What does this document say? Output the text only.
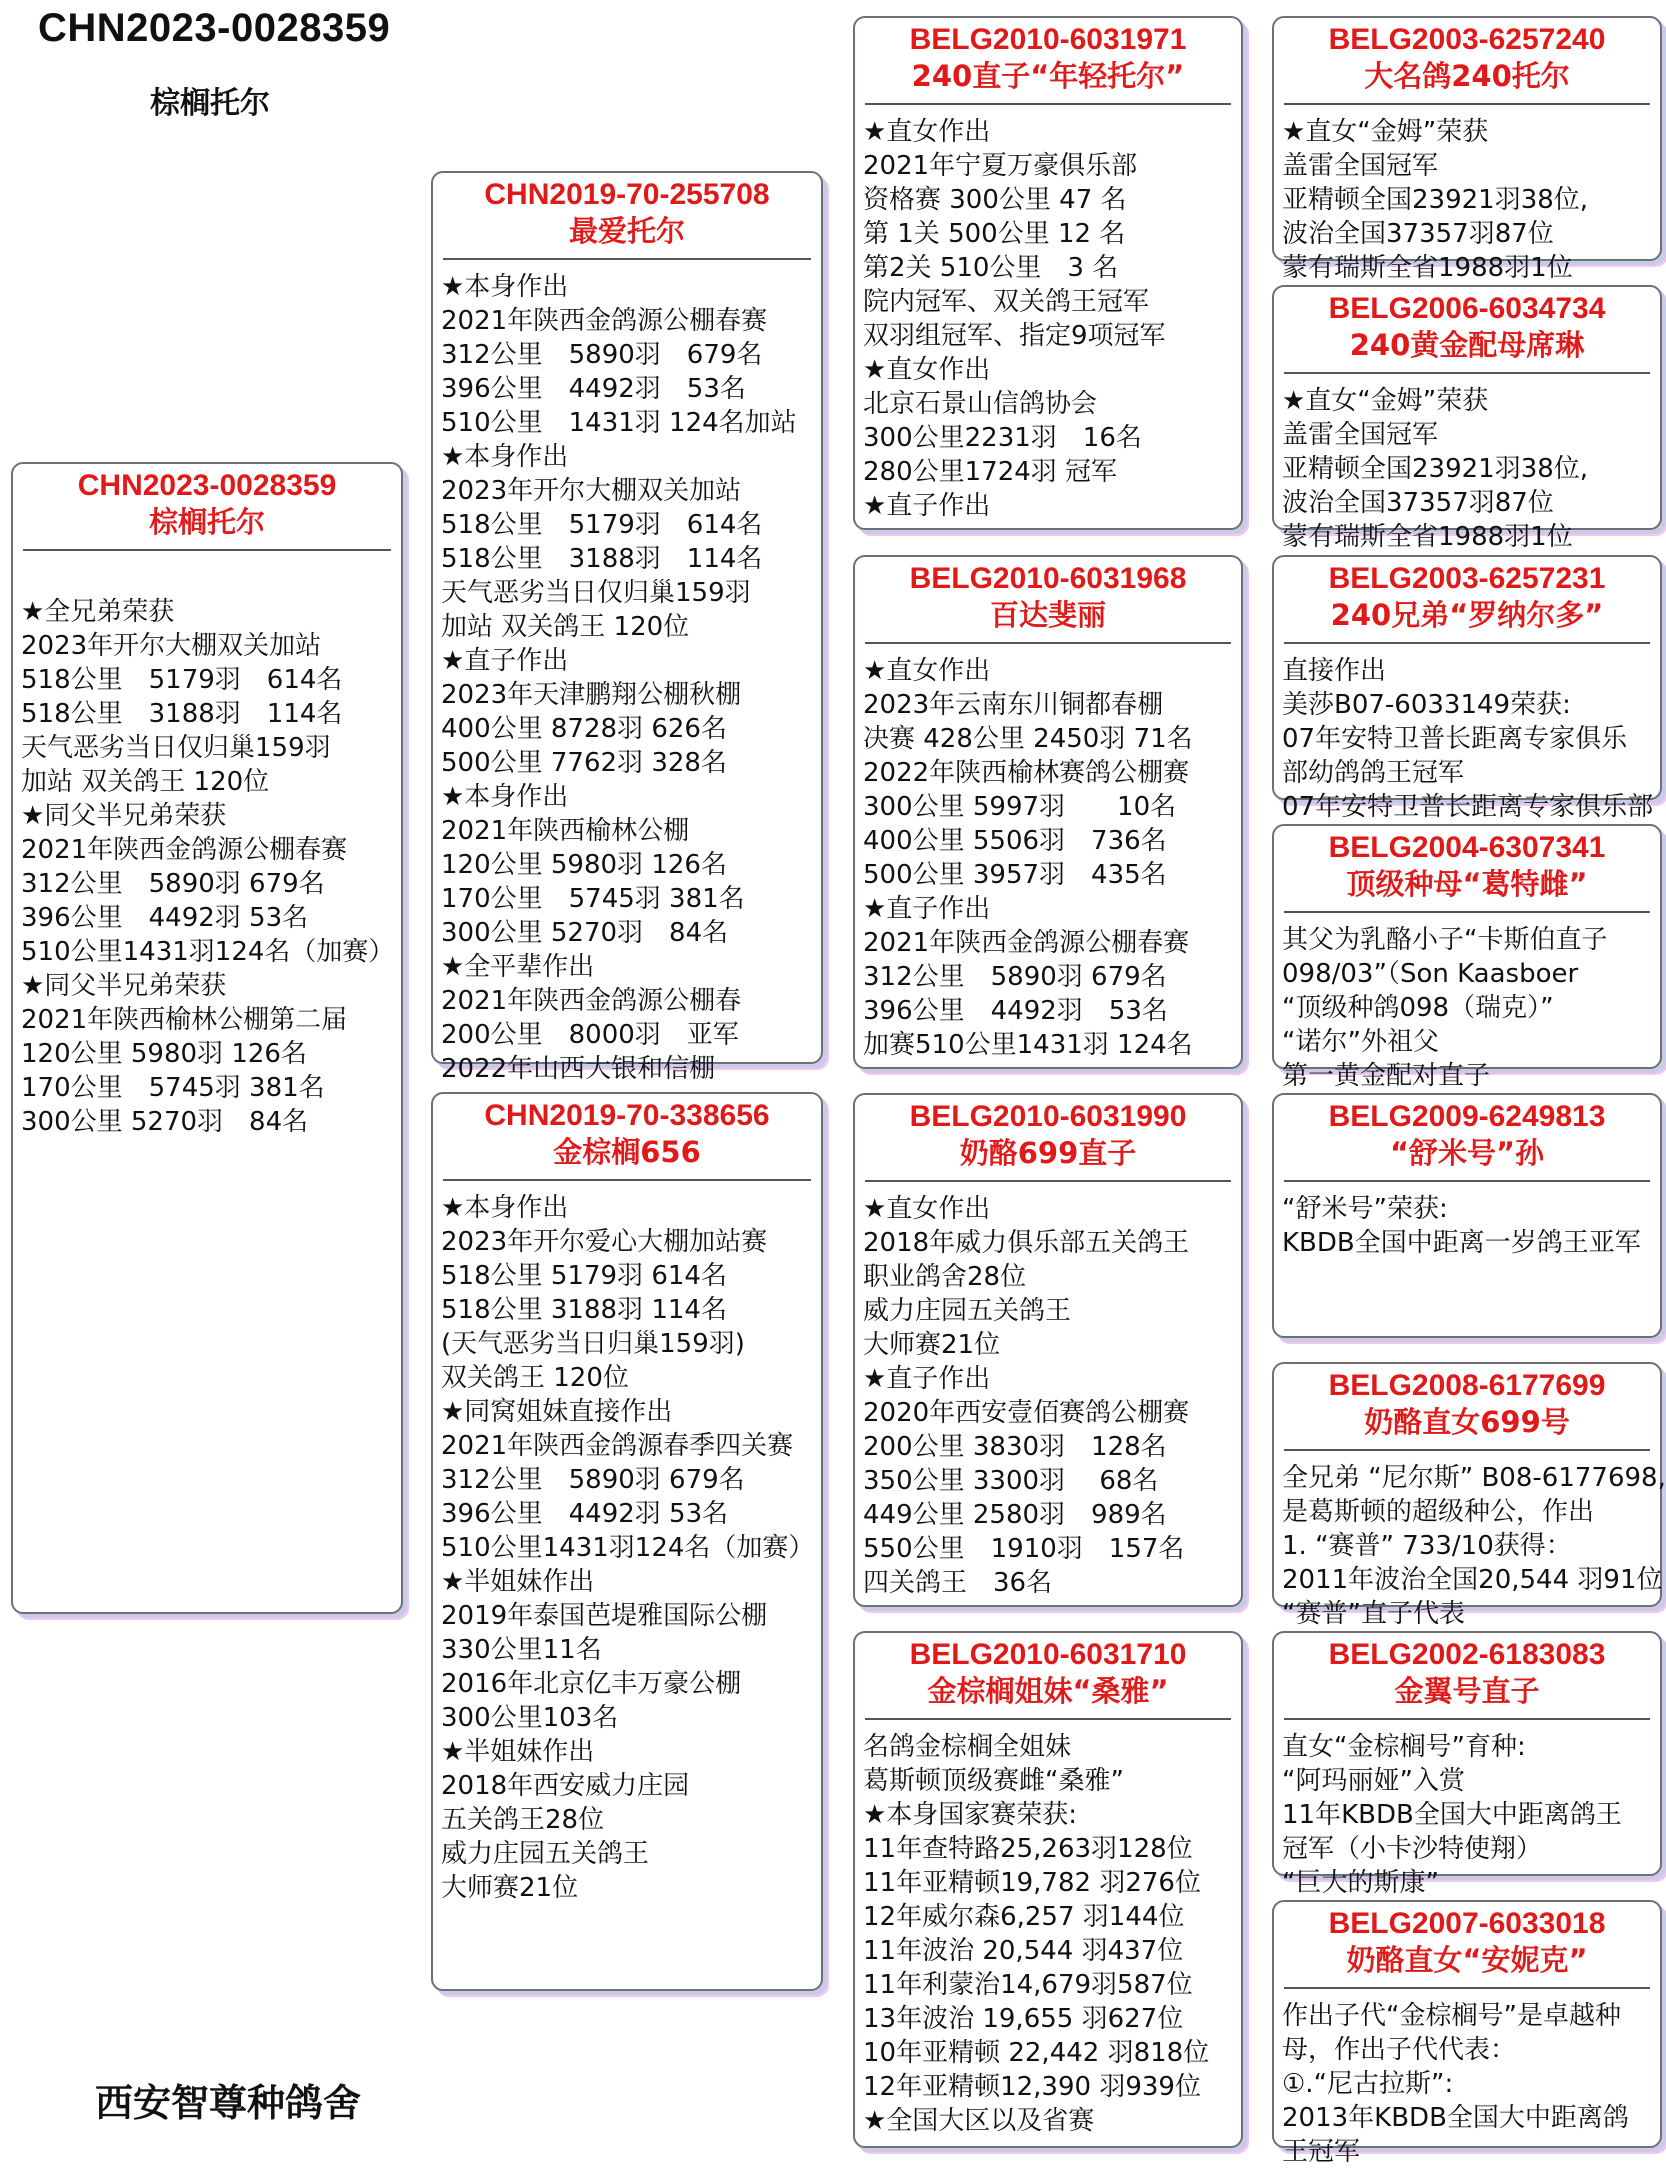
CHN2023-0028359
棕榈托尔
CHN2023-0028359
棕榈托尔
★全兄弟荣获
2023年开尔大棚双关加站
518公里　5179羽　614名
518公里　3188羽　114名
天气恶劣当日仅归巢159羽
加站 双关鸽王 120位
★同父半兄弟荣获
2021年陕西金鸽源公棚春赛
312公里　5890羽 679名
396公里　4492羽 53名
510公里1431羽124名（加赛）
★同父半兄弟荣获
2021年陕西榆林公棚第二届
120公里 5980羽 126名
170公里　5745羽 381名
300公里 5270羽　84名
CHN2019-70-255708
最爱托尔
★本身作出
2021年陕西金鸽源公棚春赛
312公里　5890羽　679名
396公里　4492羽　53名
510公里　1431羽 124名加站
★本身作出
2023年开尔大棚双关加站
518公里　5179羽　614名
518公里　3188羽　114名
天气恶劣当日仅归巢159羽
加站 双关鸽王 120位
★直子作出
2023年天津鹏翔公棚秋棚
400公里 8728羽 626名
500公里 7762羽 328名
★本身作出
2021年陕西榆林公棚
120公里 5980羽 126名
170公里　5745羽 381名
300公里 5270羽　84名
★全平辈作出
2021年陕西金鸽源公棚春
200公里　8000羽　亚军
2022年山西大银和信棚
CHN2019-70-338656
金棕榈656
★本身作出
2023年开尔爱心大棚加站赛
518公里 5179羽 614名
518公里 3188羽 114名
(天气恶劣当日归巢159羽)
双关鸽王 120位
★同窝姐妹直接作出
2021年陕西金鸽源春季四关赛
312公里　5890羽 679名
396公里　4492羽 53名
510公里1431羽124名（加赛）
★半姐妹作出
2019年泰国芭堤雅国际公棚
330公里11名
2016年北京亿丰万豪公棚
300公里103名
★半姐妹作出
2018年西安威力庄园
五关鸽王28位
威力庄园五关鸽王
大师赛21位
BELG2010-6031971
240直子“年轻托尔”
★直女作出
2021年宁夏万豪俱乐部
资格赛 300公里 47 名
第 1关 500公里 12 名
第2关 510公里　3 名
院内冠军、双关鸽王冠军
双羽组冠军、指定9项冠军
★直女作出
北京石景山信鸽协会
300公里2231羽　16名
280公里1724羽 冠军
★直子作出
BELG2010-6031968
百达斐丽
★直女作出
2023年云南东川铜都春棚
决赛 428公里 2450羽 71名
2022年陕西榆林赛鸽公棚赛
300公里 5997羽　　10名
400公里 5506羽　736名
500公里 3957羽　435名
★直子作出
2021年陕西金鸽源公棚春赛
312公里　5890羽 679名
396公里　4492羽　53名
加赛510公里1431羽 124名
BELG2010-6031990
奶酪699直子
★直女作出
2018年威力俱乐部五关鸽王
职业鸽舍28位
威力庄园五关鸽王
大师赛21位
★直子作出
2020年西安壹佰赛鸽公棚赛
200公里 3830羽　128名
350公里 3300羽　 68名
449公里 2580羽　989名
550公里　1910羽　157名
四关鸽王　36名
BELG2010-6031710
金棕榈姐妹“桑雅”
名鸽金棕榈全姐妹
葛斯顿顶级赛雌“桑雅”
★本身国家赛荣获:
11年查特路25,263羽128位
11年亚精顿19,782 羽276位
12年威尔森6,257 羽144位
11年波治 20,544 羽437位
11年利蒙治14,679羽587位
13年波治 19,655 羽627位
10年亚精顿 22,442 羽818位
12年亚精顿12,390 羽939位
★全国大区以及省赛
BELG2003-6257240
大名鸽240托尔
★直女“金姆”荣获
盖雷全国冠军
亚精顿全国23921羽38位,
波治全国37357羽87位
蒙有瑞斯全省1988羽1位
BELG2006-6034734
240黄金配母席琳
★直女“金姆”荣获
盖雷全国冠军
亚精顿全国23921羽38位,
波治全国37357羽87位
蒙有瑞斯全省1988羽1位
BELG2003-6257231
240兄弟“罗纳尔多”
直接作出
美莎B07-6033149荣获:
07年安特卫普长距离专家俱乐
部幼鸽鸽王冠军
07年安特卫普长距离专家俱乐部
BELG2004-6307341
顶级种母“葛特雌”
其父为乳酪小子“卡斯伯直子
098/03”（Son Kaasboer
“顶级种鸽098（瑞克）”
“诺尔”外祖父
第一黄金配对直子
BELG2009-6249813
“舒米号”孙
“舒米号”荣获:
KBDB全国中距离一岁鸽王亚军
BELG2008-6177699
奶酪直女699号
全兄弟 “尼尔斯” B08-6177698,
是葛斯顿的超级种公，作出
1. “赛普” 733/10获得：
2011年波治全国20,544 羽91位
“赛普”直子代表
BELG2002-6183083
金翼号直子
直女“金棕榈号”育种:
“阿玛丽娅”入赏
11年KBDB全国大中距离鸽王
冠军（小卡沙特使翔）
“巨大的斯康”
BELG2007-6033018
奶酪直女“安妮克”
作出子代“金棕榈号”是卓越种
母，作出子代代表：
①.“尼古拉斯”:
2013年KBDB全国大中距离鸽
王冠军
西安智尊种鸽舍
